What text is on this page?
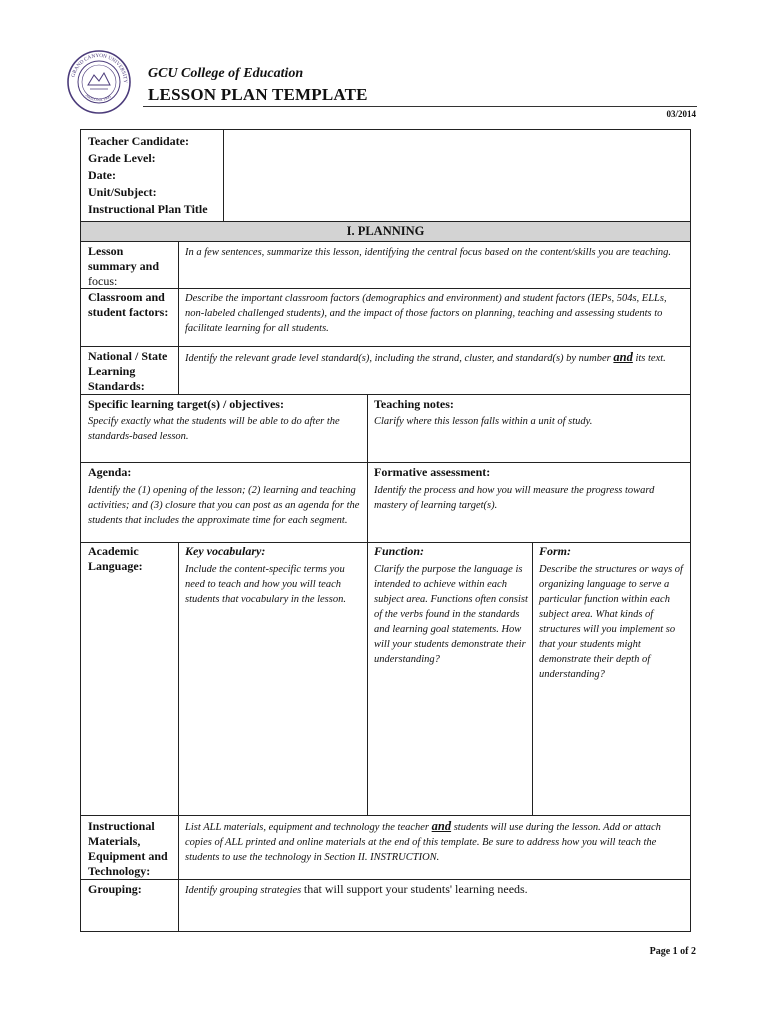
GRAND CANYON UNIVERSITY
ARIZONA 1949
GCU College of Education
LESSON PLAN TEMPLATE
03/2014
Teacher Candidate:
Grade Level:
Date:
Unit/Subject:
Instructional Plan Title
I. PLANNING
Lesson
summary and
focus:
In a few sentences, summarize this lesson, identifying the central focus based on the content/skills you are teaching.
Classroom and
student factors:
Describe the important classroom factors (demographics and environment) and student factors (IEPs, 504s, ELLs, non-labeled challenged students), and the impact of those factors on planning, teaching and assessing students to facilitate learning for all students.
National / State
Learning
Standards:
Identify the relevant grade level standard(s), including the strand, cluster, and standard(s) by number and its text.
Specific learning target(s) / objectives:
Specify exactly what the students will be able to do after the standards-based lesson.
Teaching notes:
Clarify where this lesson falls within a unit of study.
Agenda:
Identify the (1) opening of the lesson; (2) learning and teaching activities; and (3) closure that you can post as an agenda for the students that includes the approximate time for each segment.
Formative assessment:
Identify the process and how you will measure the progress toward mastery of learning target(s).
Academic
Language:
Key vocabulary:
Include the content-specific terms you need to teach and how you will teach students that vocabulary in the lesson.
Function:
Clarify the purpose the language is intended to achieve within each subject area. Functions often consist of the verbs found in the standards and learning goal statements. How will your students demonstrate their understanding?
Form:
Describe the structures or ways of organizing language to serve a particular function within each subject area. What kinds of structures will you implement so that your students might demonstrate their depth of understanding?
Instructional
Materials,
Equipment and
Technology:
List ALL materials, equipment and technology the teacher and students will use during the lesson. Add or attach copies of ALL printed and online materials at the end of this template. Be sure to address how you will teach the students to use the technology in Section II. INSTRUCTION.
Grouping:	Identify grouping strategies that will support your students' learning needs.
Page 1 of 2
